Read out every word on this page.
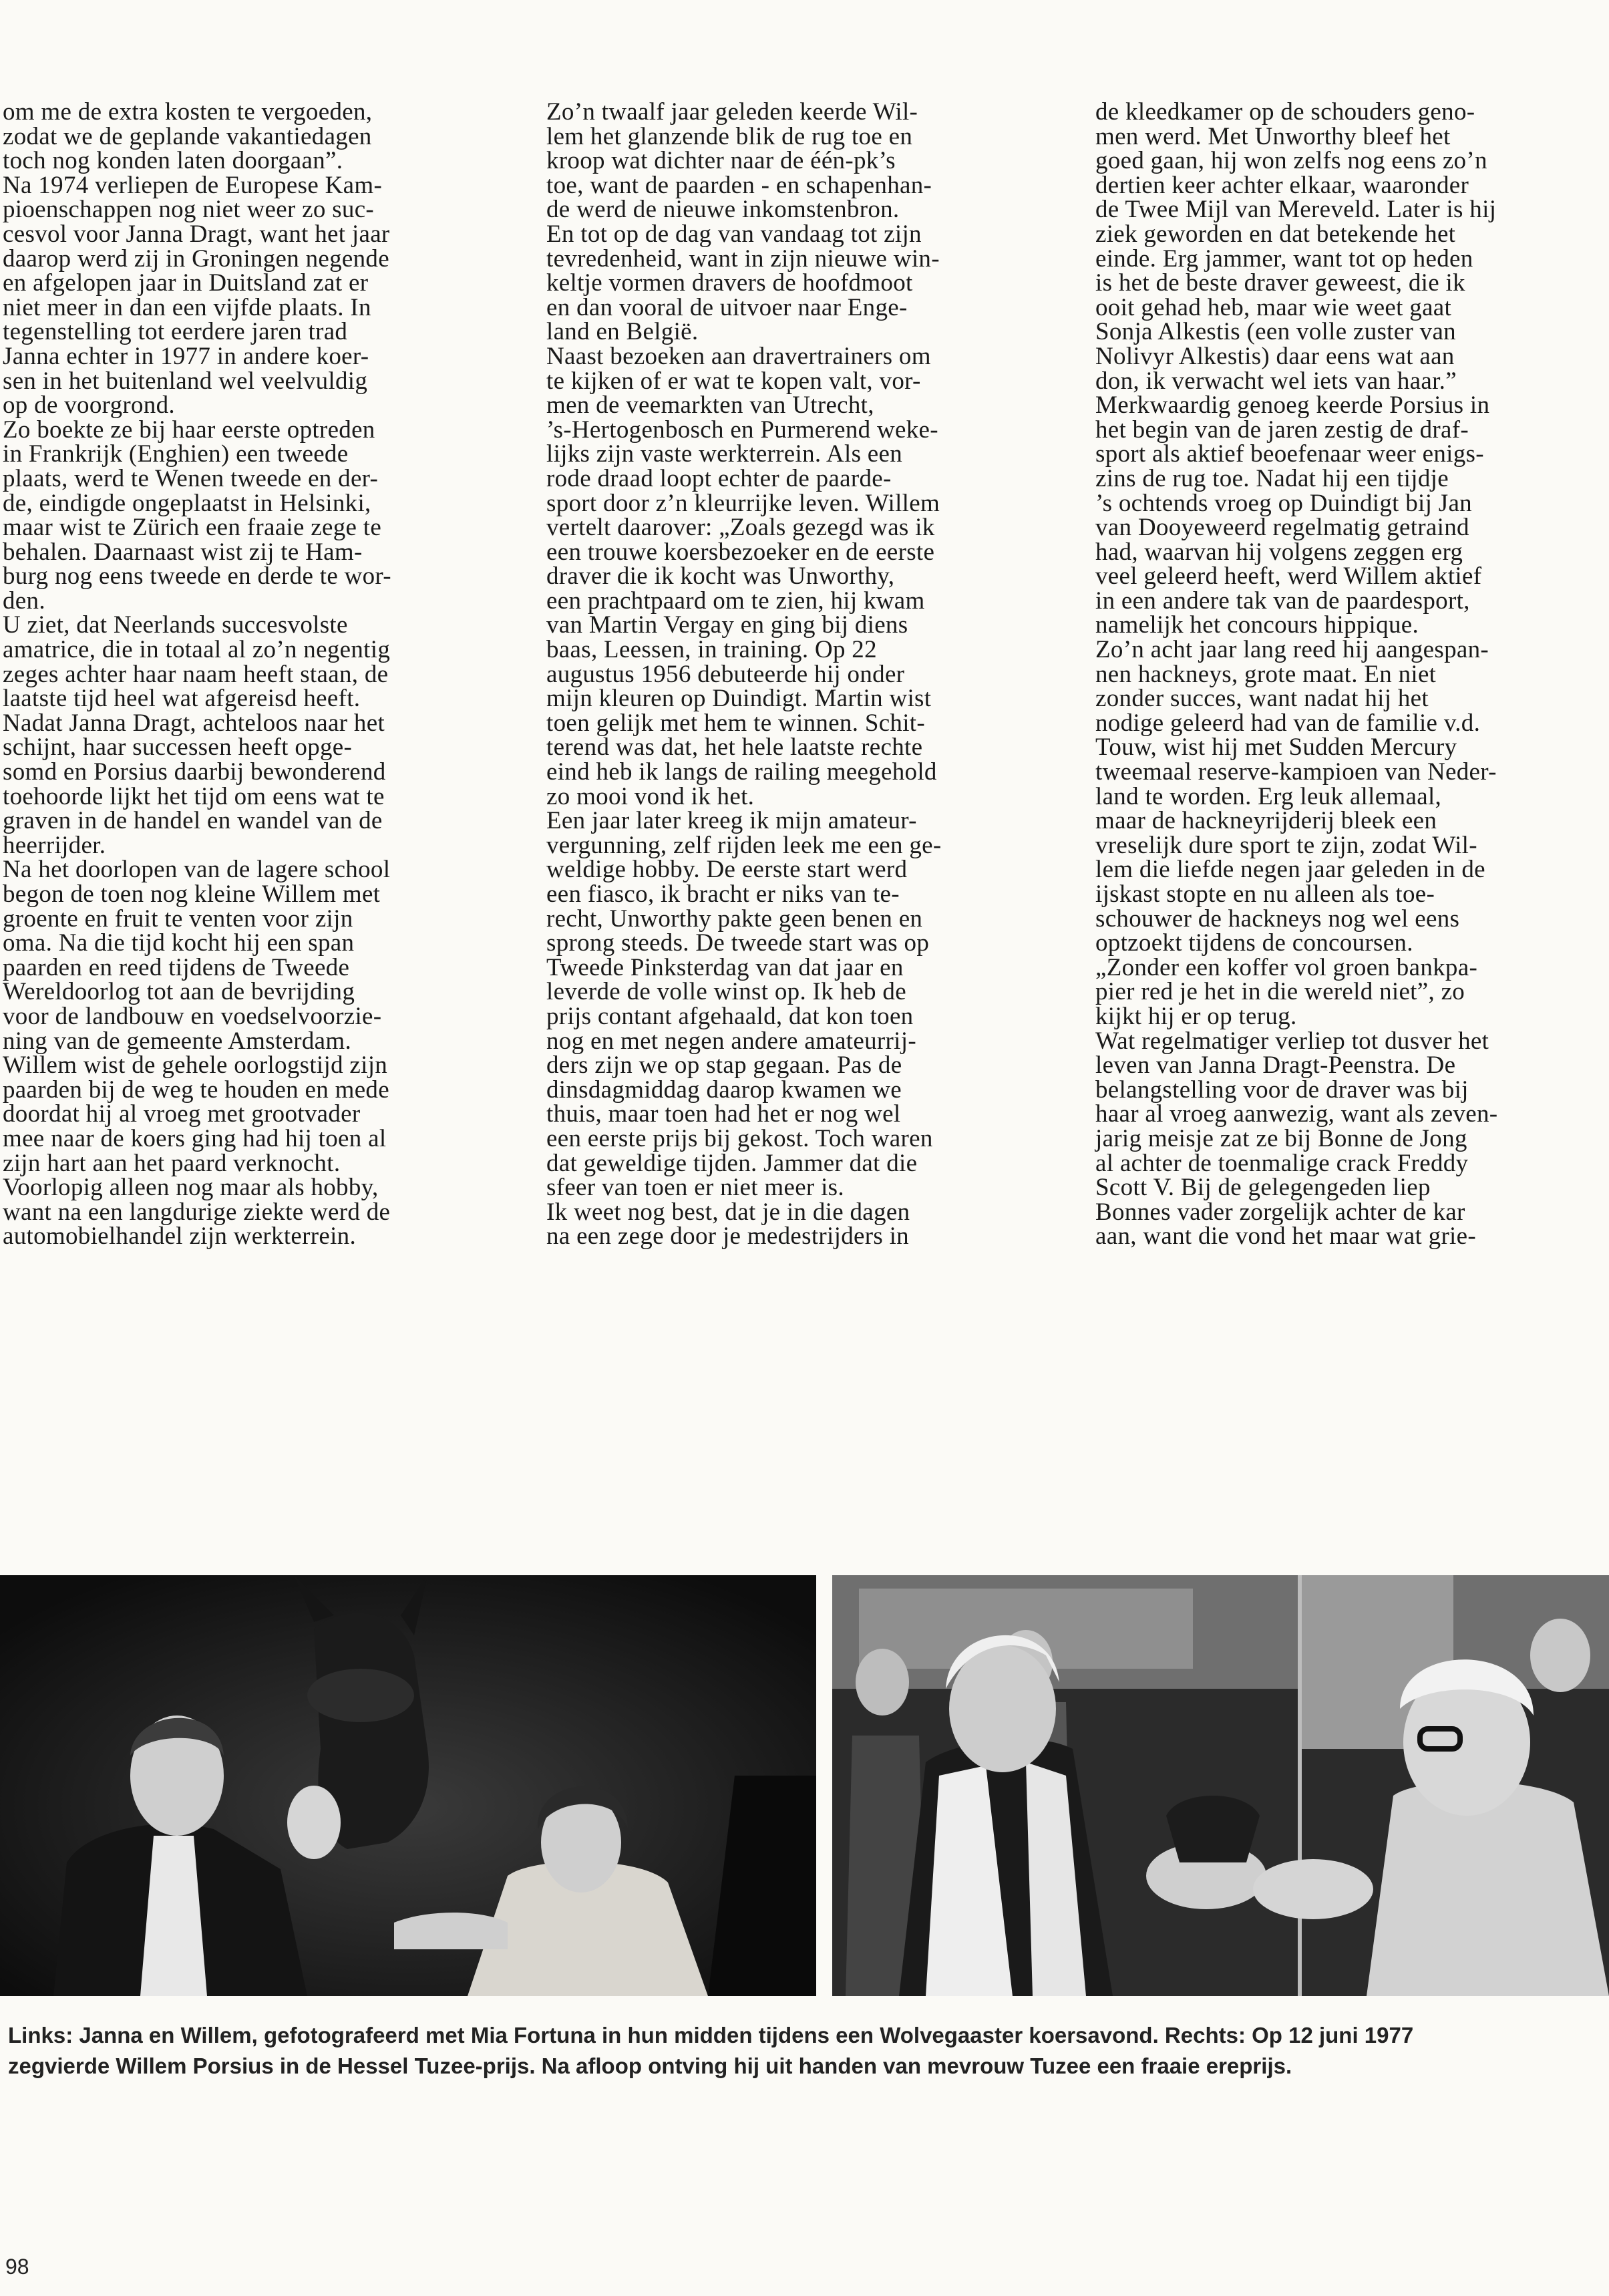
om me de extra kosten te vergoeden,
zodat we de geplande vakantiedagen
toch nog konden laten doorgaan”.
Na 1974 verliepen de Europese Kam-
pioenschappen nog niet weer zo suc-
cesvol voor Janna Dragt, want het jaar
daarop werd zij in Groningen negende
en afgelopen jaar in Duitsland zat er
niet meer in dan een vijfde plaats. In
tegenstelling tot eerdere jaren trad
Janna echter in 1977 in andere koer-
sen in het buitenland wel veelvuldig
op de voorgrond.
Zo boekte ze bij haar eerste optreden
in Frankrijk (Enghien) een tweede
plaats, werd te Wenen tweede en der-
de, eindigde ongeplaatst in Helsinki,
maar wist te Zürich een fraaie zege te
behalen. Daarnaast wist zij te Ham-
burg nog eens tweede en derde te wor-
den.
U ziet, dat Neerlands succesvolste
amatrice, die in totaal al zo’n negentig
zeges achter haar naam heeft staan, de
laatste tijd heel wat afgereisd heeft.
Nadat Janna Dragt, achteloos naar het
schijnt, haar successen heeft opge-
somd en Porsius daarbij bewonderend
toehoorde lijkt het tijd om eens wat te
graven in de handel en wandel van de
heerrijder.
Na het doorlopen van de lagere school
begon de toen nog kleine Willem met
groente en fruit te venten voor zijn
oma. Na die tijd kocht hij een span
paarden en reed tijdens de Tweede
Wereldoorlog tot aan de bevrijding
voor de landbouw en voedselvoorzie-
ning van de gemeente Amsterdam.
Willem wist de gehele oorlogstijd zijn
paarden bij de weg te houden en mede
doordat hij al vroeg met grootvader
mee naar de koers ging had hij toen al
zijn hart aan het paard verknocht.
Voorlopig alleen nog maar als hobby,
want na een langdurige ziekte werd de
automobielhandel zijn werkterrein.
Zo’n twaalf jaar geleden keerde Wil-
lem het glanzende blik de rug toe en
kroop wat dichter naar de één-pk’s
toe, want de paarden - en schapenhan-
de werd de nieuwe inkomstenbron.
En tot op de dag van vandaag tot zijn
tevredenheid, want in zijn nieuwe win-
keltje vormen dravers de hoofdmoot
en dan vooral de uitvoer naar Enge-
land en België.
Naast bezoeken aan dravertrainers om
te kijken of er wat te kopen valt, vor-
men de veemarkten van Utrecht,
’s-Hertogenbosch en Purmerend weke-
lijks zijn vaste werkterrein. Als een
rode draad loopt echter de paarde-
sport door z’n kleurrijke leven. Willem
vertelt daarover: „Zoals gezegd was ik
een trouwe koersbezoeker en de eerste
draver die ik kocht was Unworthy,
een prachtpaard om te zien, hij kwam
van Martin Vergay en ging bij diens
baas, Leessen, in training. Op 22
augustus 1956 debuteerde hij onder
mijn kleuren op Duindigt. Martin wist
toen gelijk met hem te winnen. Schit-
terend was dat, het hele laatste rechte
eind heb ik langs de railing meegehold
zo mooi vond ik het.
Een jaar later kreeg ik mijn amateur-
vergunning, zelf rijden leek me een ge-
weldige hobby. De eerste start werd
een fiasco, ik bracht er niks van te-
recht, Unworthy pakte geen benen en
sprong steeds. De tweede start was op
Tweede Pinksterdag van dat jaar en
leverde de volle winst op. Ik heb de
prijs contant afgehaald, dat kon toen
nog en met negen andere amateurrij-
ders zijn we op stap gegaan. Pas de
dinsdagmiddag daarop kwamen we
thuis, maar toen had het er nog wel
een eerste prijs bij gekost. Toch waren
dat geweldige tijden. Jammer dat die
sfeer van toen er niet meer is.
Ik weet nog best, dat je in die dagen
na een zege door je medestrijders in
de kleedkamer op de schouders geno-
men werd. Met Unworthy bleef het
goed gaan, hij won zelfs nog eens zo’n
dertien keer achter elkaar, waaronder
de Twee Mijl van Mereveld. Later is hij
ziek geworden en dat betekende het
einde. Erg jammer, want tot op heden
is het de beste draver geweest, die ik
ooit gehad heb, maar wie weet gaat
Sonja Alkestis (een volle zuster van
Nolivyr Alkestis) daar eens wat aan
don, ik verwacht wel iets van haar.”
Merkwaardig genoeg keerde Porsius in
het begin van de jaren zestig de draf-
sport als aktief beoefenaar weer enigs-
zins de rug toe. Nadat hij een tijdje
’s ochtends vroeg op Duindigt bij Jan
van Dooyeweerd regelmatig getraind
had, waarvan hij volgens zeggen erg
veel geleerd heeft, werd Willem aktief
in een andere tak van de paardesport,
namelijk het concours hippique.
Zo’n acht jaar lang reed hij aangespan-
nen hackneys, grote maat. En niet
zonder succes, want nadat hij het
nodige geleerd had van de familie v.d.
Touw, wist hij met Sudden Mercury
tweemaal reserve-kampioen van Neder-
land te worden. Erg leuk allemaal,
maar de hackneyrijderij bleek een
vreselijk dure sport te zijn, zodat Wil-
lem die liefde negen jaar geleden in de
ijskast stopte en nu alleen als toe-
schouwer de hackneys nog wel eens
optzoekt tijdens de concoursen.
„Zonder een koffer vol groen bankpa-
pier red je het in die wereld niet”, zo
kijkt hij er op terug.
Wat regelmatiger verliep tot dusver het
leven van Janna Dragt-Peenstra. De
belangstelling voor de draver was bij
haar al vroeg aanwezig, want als zeven-
jarig meisje zat ze bij Bonne de Jong
al achter de toenmalige crack Freddy
Scott V. Bij de gelegengeden liep
Bonnes vader zorgelijk achter de kar
aan, want die vond het maar wat grie-
Links: Janna en Willem, gefotografeerd met Mia Fortuna in hun midden tijdens een Wolvegaaster koersavond. Rechts: Op 12 juni 1977
zegvierde Willem Porsius in de Hessel Tuzee-prijs. Na afloop ontving hij uit handen van mevrouw Tuzee een fraaie ereprijs.
98
